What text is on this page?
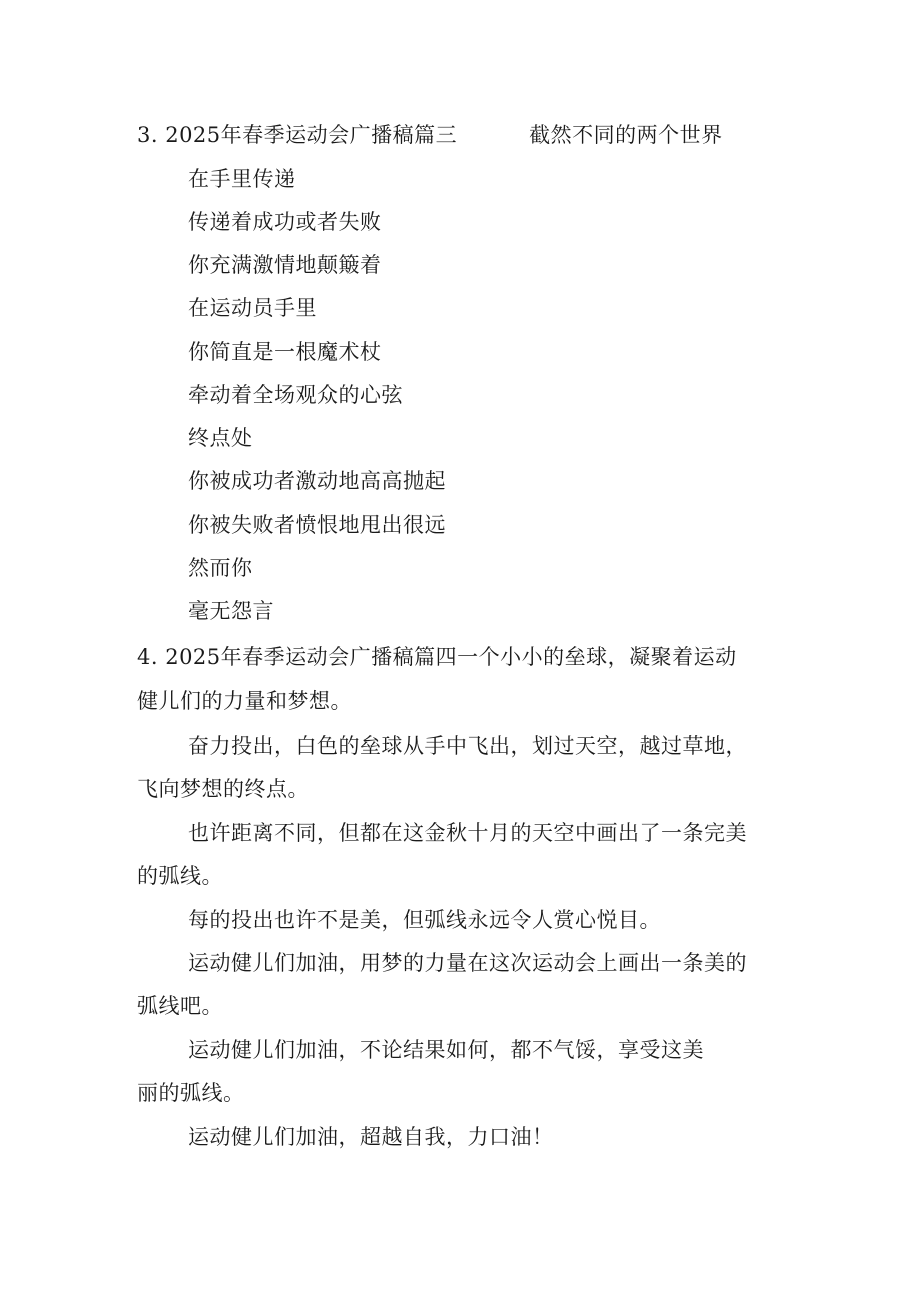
3. 2025年春季运动会广播稿篇三	截然不同的两个世界
在手里传递
传递着成功或者失败
你充满激情地颠簸着
在运动员手里
你简直是一根魔术杖
牵动着全场观众的心弦
终点处
你被成功者激动地高高抛起
你被失败者愤恨地甩出很远
然而你
毫无怨言
4. 2025年春季运动会广播稿篇四一个小小的垒球，凝聚着运动
健儿们的力量和梦想。
奋力投出，白色的垒球从手中飞出，划过天空，越过草地，
飞向梦想的终点。
也许距离不同，但都在这金秋十月的天空中画出了一条完美
的弧线。
每的投出也许不是美，但弧线永远令人赏心悦目。
运动健儿们加油，用梦的力量在这次运动会上画出一条美的
弧线吧。
运动健儿们加油，不论结果如何，都不气馁，享受这美
丽的弧线。
运动健儿们加油，超越自我，力口油！
